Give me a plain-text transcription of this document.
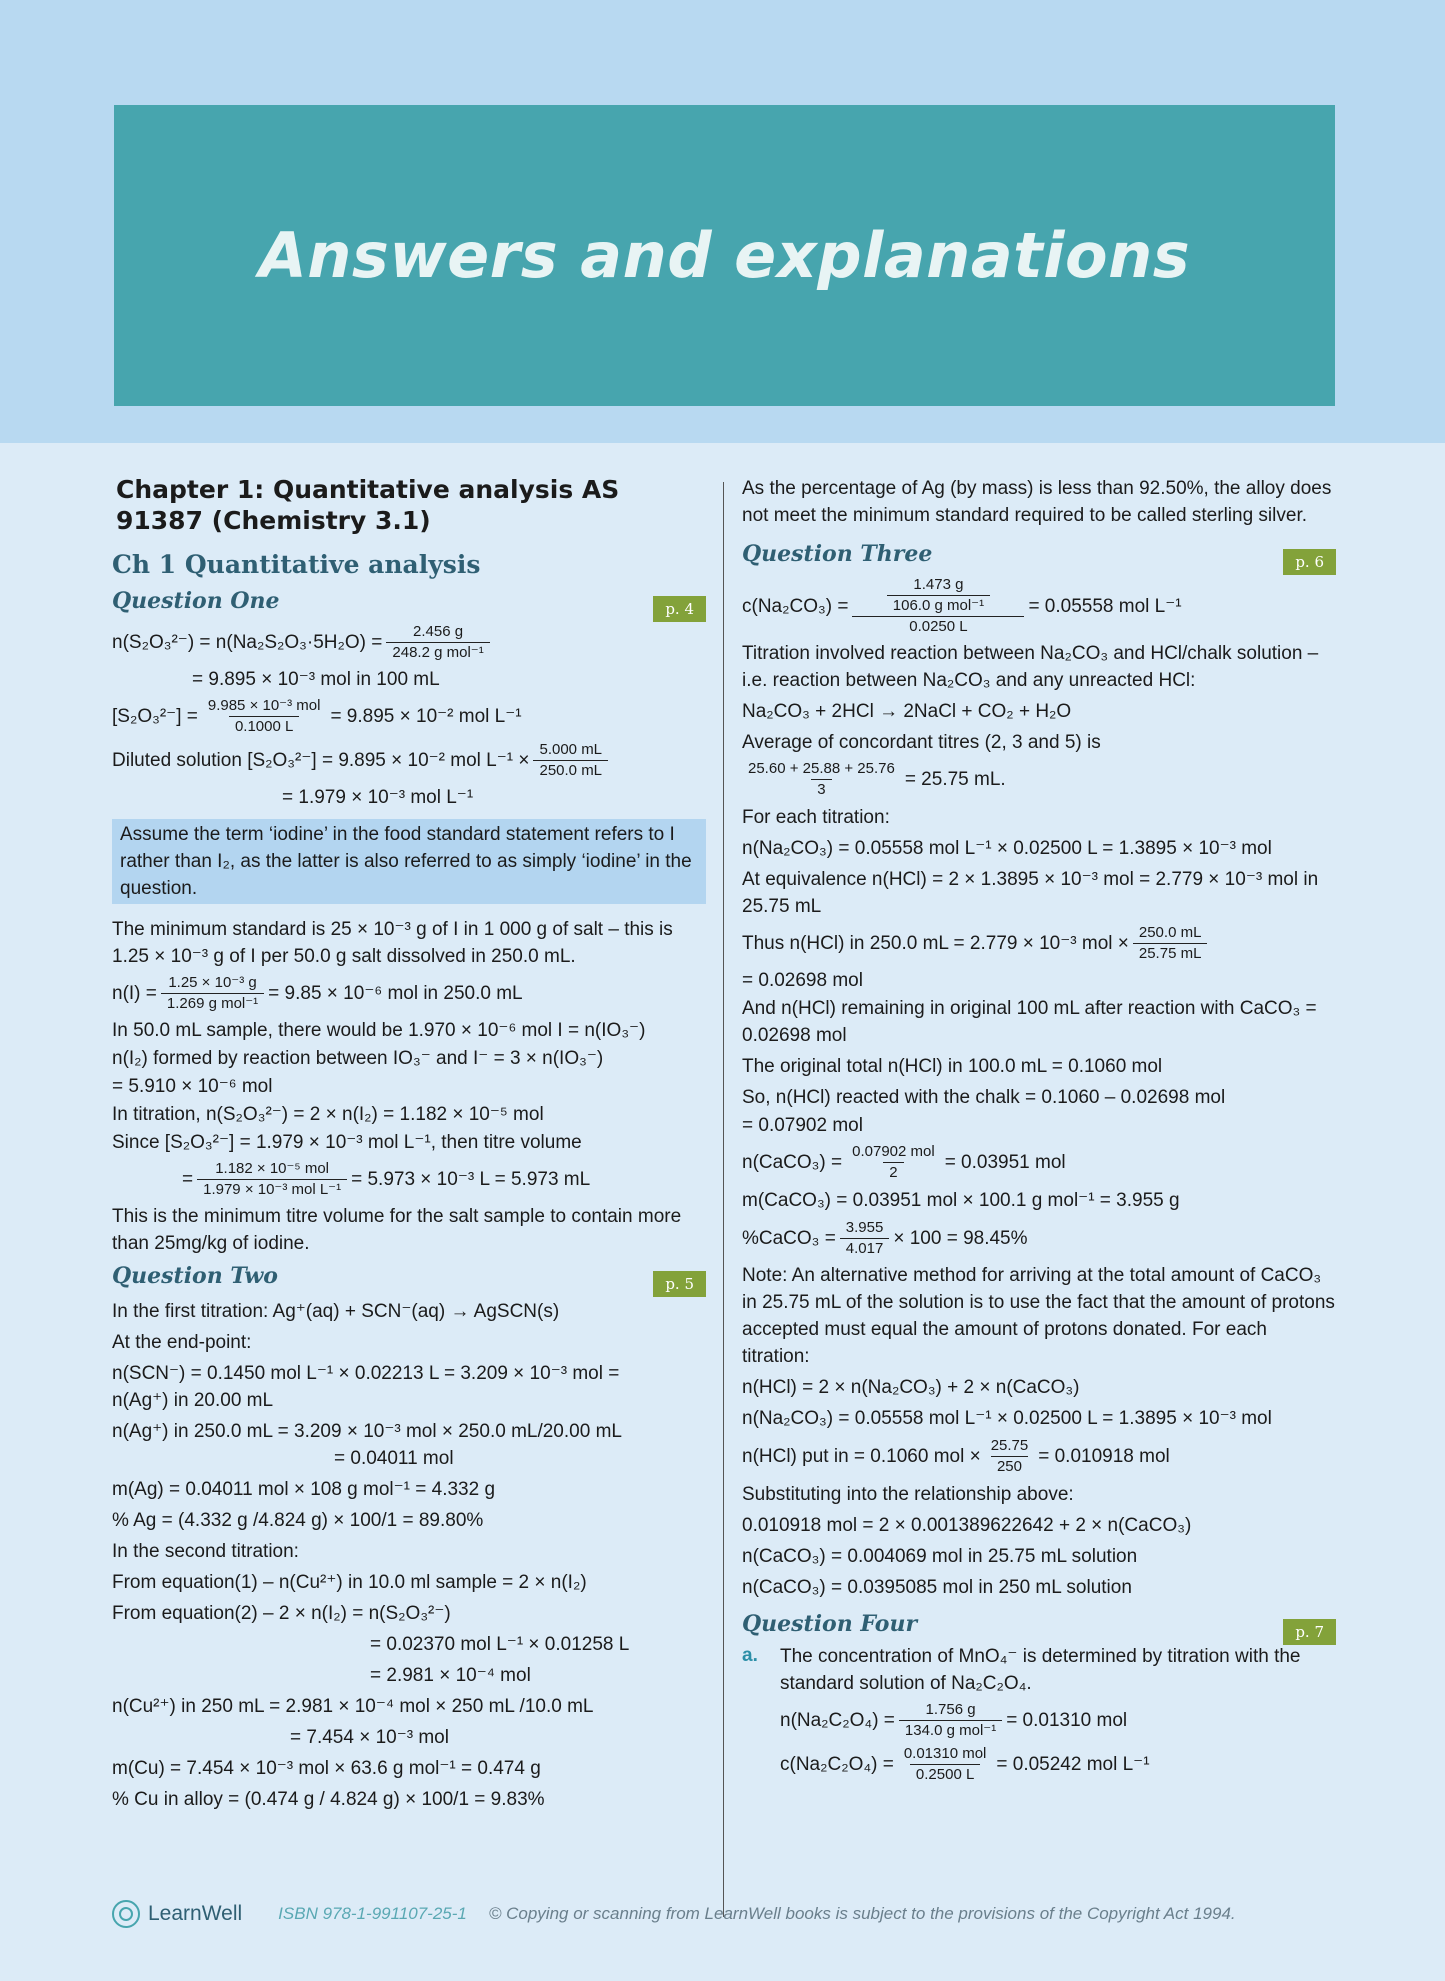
Answers and explanations
Chapter 1: Quantitative analysis AS 91387 (Chemistry 3.1)
Ch 1 Quantitative analysis
Question One	p. 4
$n(S_2O_3^{2-}) = n(Na_2S_2O_3\cdot 5H_2O) = \frac{2.456 g}{\text{248.2 g mol⁻¹}}$
= 9.895 × 10⁻³ mol in 100 mL
$[S_2O_3^{2-}] = \frac{\text{9.985 × 10⁻³ mol}}{0.1000 L} = 9.895 \times 10^{-2}$ mol L⁻¹
Diluted solution [S₂O₃²⁻] = 9.895 × 10⁻² mol $L^{-1} \times \frac{5.000 mL}{250.0 mL}$
= 1.979 × 10⁻³ mol L⁻¹
Assume the term ‘iodine’ in the food standard statement refers to I rather than I₂, as the latter is also referred to as simply ‘iodine’ in the question.
The minimum standard is 25 × 10⁻³ g of I in 1 000 g of salt – this is 1.25 × 10⁻³ g of I per 50.0 g salt dissolved in 250.0 mL.
$n(I) = \frac{\text{1.25 × 10⁻³ g}}{\text{1.269 g mol⁻¹}} = 9.85 \times 10^{-6}$ mol in 250.0 mL
In 50.0 mL sample, there would be 1.970 × 10⁻⁶ mol I = n(IO₃⁻)
n(I₂) formed by reaction between IO₃⁻ and I⁻ = 3 × n(IO₃⁻)
= 5.910 × 10⁻⁶ mol
In titration, n(S₂O₃²⁻) = 2 × n(I₂) = 1.182 × 10⁻⁵ mol
Since [S₂O₃²⁻] = 1.979 × 10⁻³ mol L⁻¹, then titre volume
= $\frac{\text{1.182 × 10⁻⁵ mol}}{\text{1.979 × 10⁻³ mol L⁻¹}} = 5.973 \times 10^{-3}$ L = 5.973 mL
This is the minimum titre volume for the salt sample to contain more than 25mg/kg of iodine.
Question Two	p. 5
In the first titration: Ag⁺(aq) + SCN⁻(aq) → AgSCN(s)
At the end-point:
n(SCN⁻) = 0.1450 mol L⁻¹ × 0.02213 L = 3.209 × 10⁻³ mol =
n(Ag⁺) in 20.00 mL
n(Ag⁺) in 250.0 mL = 3.209 × 10⁻³ mol × 250.0 mL/20.00 mL
= 0.04011 mol
m(Ag) = 0.04011 mol × 108 g mol⁻¹ = 4.332 g
% Ag = (4.332 g /4.824 g) × 100/1 = 89.80%
In the second titration:
From equation(1) – n(Cu²⁺) in 10.0 ml sample = 2 × n(I₂)
From equation(2) – 2 × n(I₂) = n(S₂O₃²⁻)
= 0.02370 mol L⁻¹ × 0.01258 L
= 2.981 × 10⁻⁴ mol
n(Cu²⁺) in 250 mL = 2.981 × 10⁻⁴ mol × 250 mL /10.0 mL
= 7.454 × 10⁻³ mol
m(Cu) = 7.454 × 10⁻³ mol × 63.6 g mol⁻¹ = 0.474 g
% Cu in alloy = (0.474 g / 4.824 g) × 100/1 = 9.83%
As the percentage of Ag (by mass) is less than 92.50%, the alloy does not meet the minimum standard required to be called sterling silver.
Question Three	p. 6
$c(Na_2CO_3) = \frac{\frac{1.473 g}{\text{106.0 g mol⁻¹}}}{0.0250 L} = 0.05558$ mol L⁻¹
Titration involved reaction between Na₂CO₃ and HCl/chalk solution – i.e. reaction between Na₂CO₃ and any unreacted HCl:
Na₂CO₃ + 2HCl → 2NaCl + CO₂ + H₂O
Average of concordant titres (2, 3 and 5) is
$\frac{25.60 + 25.88 + 25.76}{3} = 25.75$ mL.
For each titration:
n(Na₂CO₃) = 0.05558 mol L⁻¹ × 0.02500 L = 1.3895 × 10⁻³ mol
At equivalence n(HCl) = 2 × 1.3895 × 10⁻³ mol = 2.779 × 10⁻³ mol in 25.75 mL
Thus n(HCl) in 250.0 mL = 2.779 × 10⁻³ mol × $\frac{250.0 mL}{25.75 mL}$
= 0.02698 mol
And n(HCl) remaining in original 100 mL after reaction with CaCO₃ = 0.02698 mol
The original total n(HCl) in 100.0 mL = 0.1060 mol
So, n(HCl) reacted with the chalk = 0.1060 – 0.02698 mol
= 0.07902 mol
n(CaCO₃) = $\frac{\text{0.07902 mol}}{2} = 0.03951$ mol
m(CaCO₃) = 0.03951 mol × 100.1 g mol⁻¹ = 3.955 g
%CaCO₃ = $\frac{3.955}{4.017} \times 100 = 98.45\%$
Note: An alternative method for arriving at the total amount of CaCO₃ in 25.75 mL of the solution is to use the fact that the amount of protons accepted must equal the amount of protons donated. For each titration:
n(HCl) = 2 × n(Na₂CO₃) + 2 × n(CaCO₃)
n(Na₂CO₃) = 0.05558 mol L⁻¹ × 0.02500 L = 1.3895 × 10⁻³ mol
n(HCl) put in = 0.1060 mol × $\frac{25.75}{250} = 0.010918$ mol
Substituting into the relationship above:
0.010918 mol = 2 × 0.001389622642 + 2 × n(CaCO₃)
n(CaCO₃) = 0.004069 mol in 25.75 mL solution
n(CaCO₃) = 0.0395085 mol in 250 mL solution
Question Four	p. 7
a.	The concentration of MnO₄⁻ is determined by titration with the standard solution of Na₂C₂O₄.
$n(Na_2C_2O_4) = \frac{1.756 g}{\text{134.0 g mol⁻¹}} = 0.01310$ mol
$c(Na_2C_2O_4) = \frac{\text{0.01310 mol}}{0.2500 L} = 0.05242$ mol L⁻¹
LearnWell ISBN 978-1-991107-25-1 © Copying or scanning from LearnWell books is subject to the provisions of the Copyright Act 1994.
